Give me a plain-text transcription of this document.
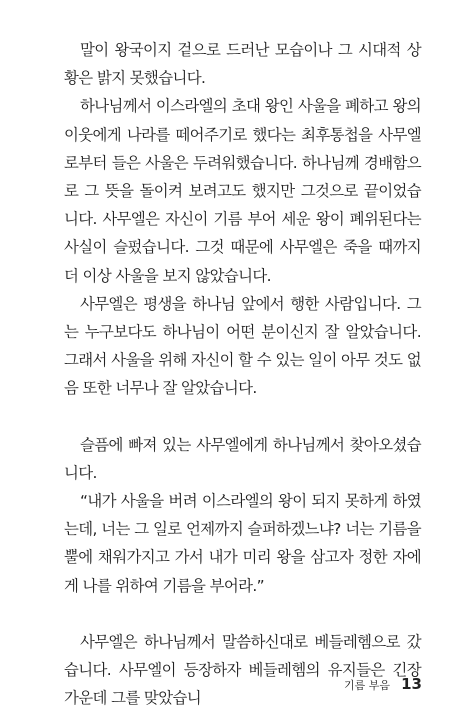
말이 왕국이지 겉으로 드러난 모습이나 그 시대적 상황은 밝지 못했습니다.

하나님께서 이스라엘의 초대 왕인 사울을 폐하고 왕의 이웃에게 나라를 떼어주기로 했다는 최후통첩을 사무엘로부터 들은 사울은 두려워했습니다. 하나님께 경배함으로 그 뜻을 돌이켜 보려고도 했지만 그것으로 끝이었습니다. 사무엘은 자신이 기름 부어 세운 왕이 폐위된다는 사실이 슬펐습니다. 그것 때문에 사무엘은 죽을 때까지 더 이상 사울을 보지 않았습니다.

사무엘은 평생을 하나님 앞에서 행한 사람입니다. 그는 누구보다도 하나님이 어떤 분이신지 잘 알았습니다. 그래서 사울을 위해 자신이 할 수 있는 일이 아무 것도 없음 또한 너무나 잘 알았습니다.

슬픔에 빠져 있는 사무엘에게 하나님께서 찾아오셨습니다.

“내가 사울을 버려 이스라엘의 왕이 되지 못하게 하였는데, 너는 그 일로 언제까지 슬퍼하겠느냐? 너는 기름을 뿔에 채워가지고 가서 내가 미리 왕을 삼고자 정한 자에게 나를 위하여 기름을 부어라.”

사무엘은 하나님께서 말씀하신대로 베들레헴으로 갔습니다. 사무엘이 등장하자 베들레헴의 유지들은 긴장 가운데 그를 맞았습니

기름 부음 13
